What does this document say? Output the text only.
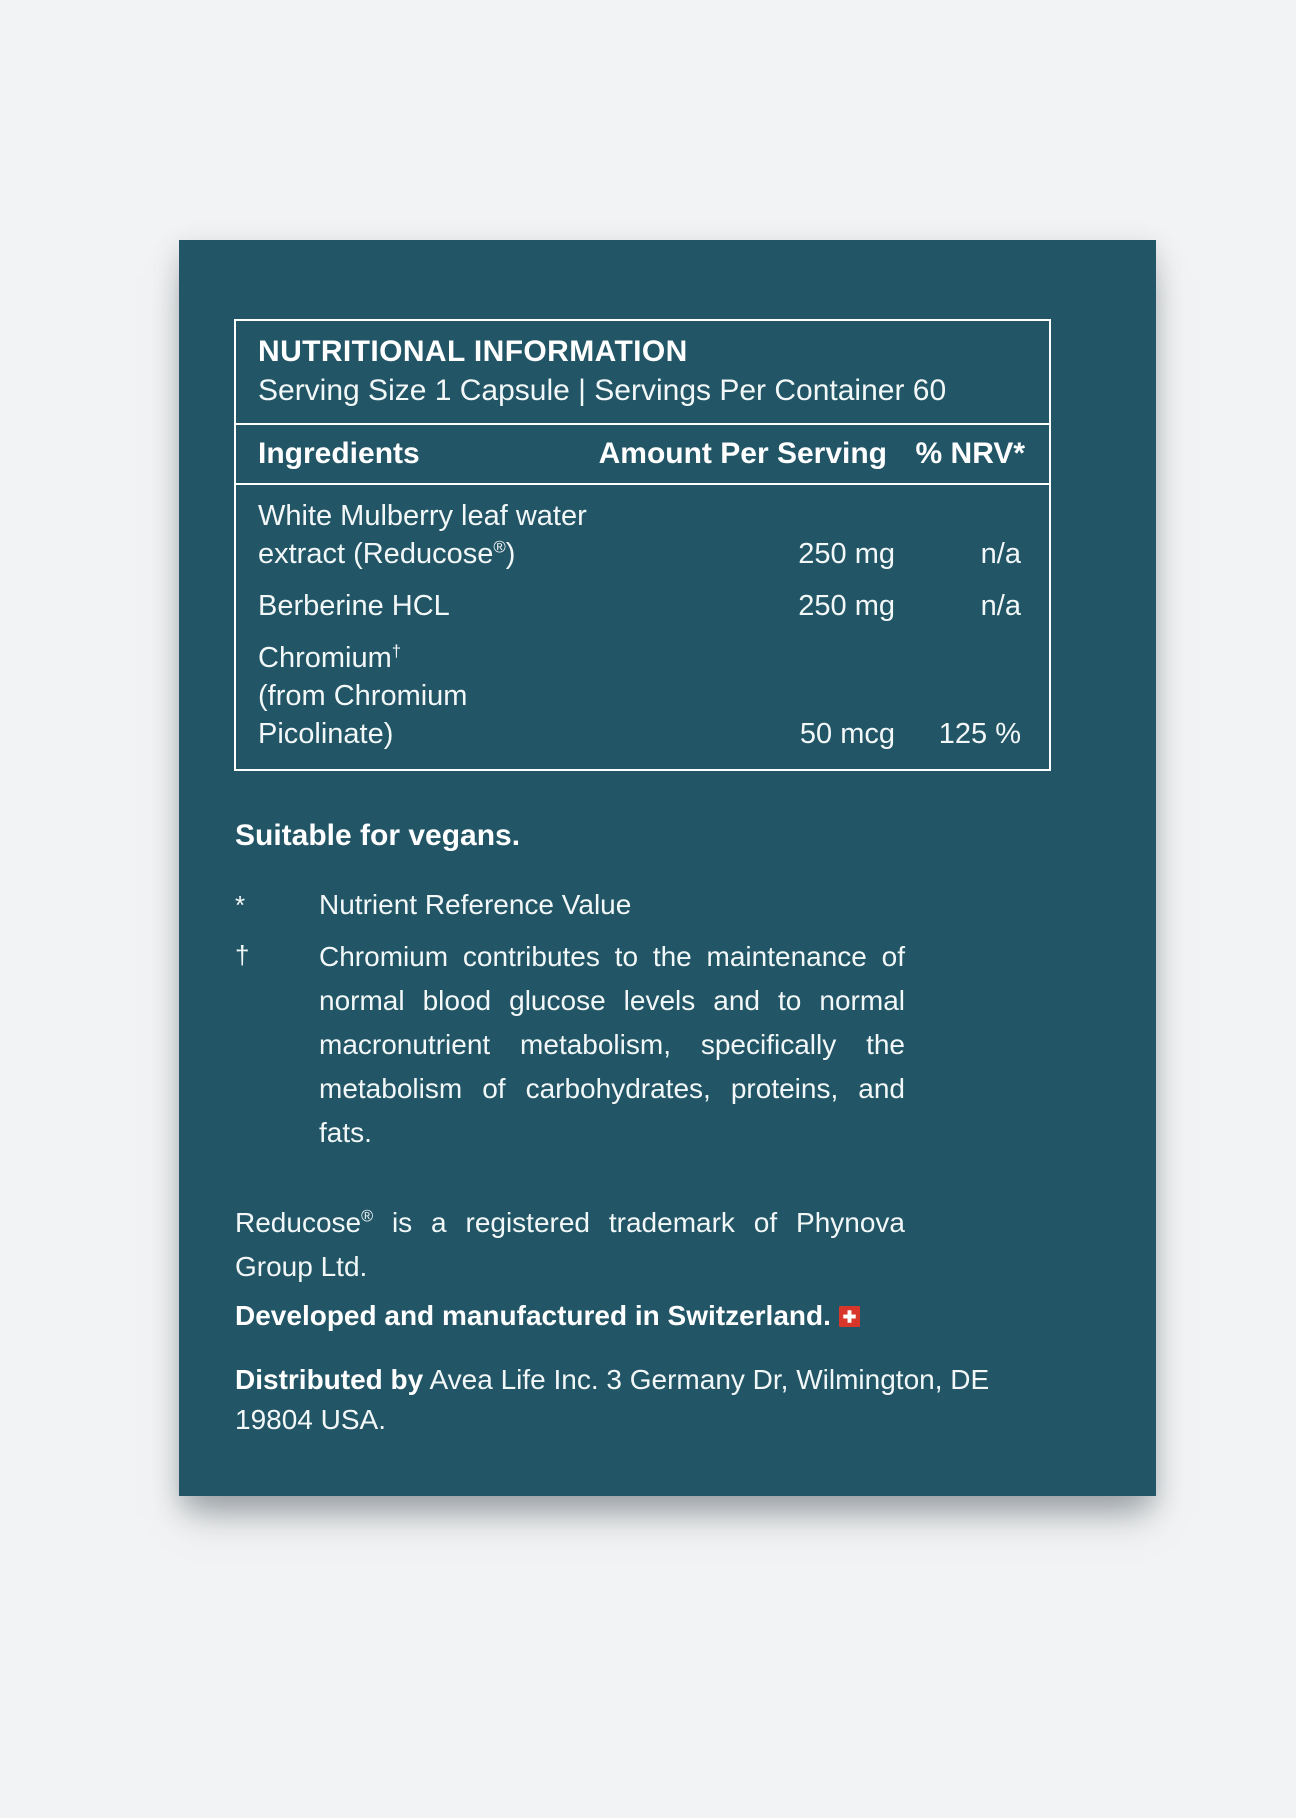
NUTRITIONAL INFORMATION
Serving Size 1 Capsule | Servings Per Container 60
Ingredients	Amount Per Serving % NRV*
White Mulberry leaf water
extract (Reducose®)	250 mg	n/a
Berberine HCL	250 mg	n/a
Chromium†
(from Chromium Picolinate)	50 mcg	125 %

Suitable for vegans.

*	Nutrient Reference Value
†	Chromium contributes to the maintenance of normal blood glucose levels and to normal macronutrient metabolism, specifically the metabolism of carbohydrates, proteins, and fats.

Reducose® is a registered trademark of Phynova Group Ltd.

Developed and manufactured in Switzerland.

Distributed by Avea Life Inc. 3 Germany Dr, Wilmington, DE 19804 USA.
